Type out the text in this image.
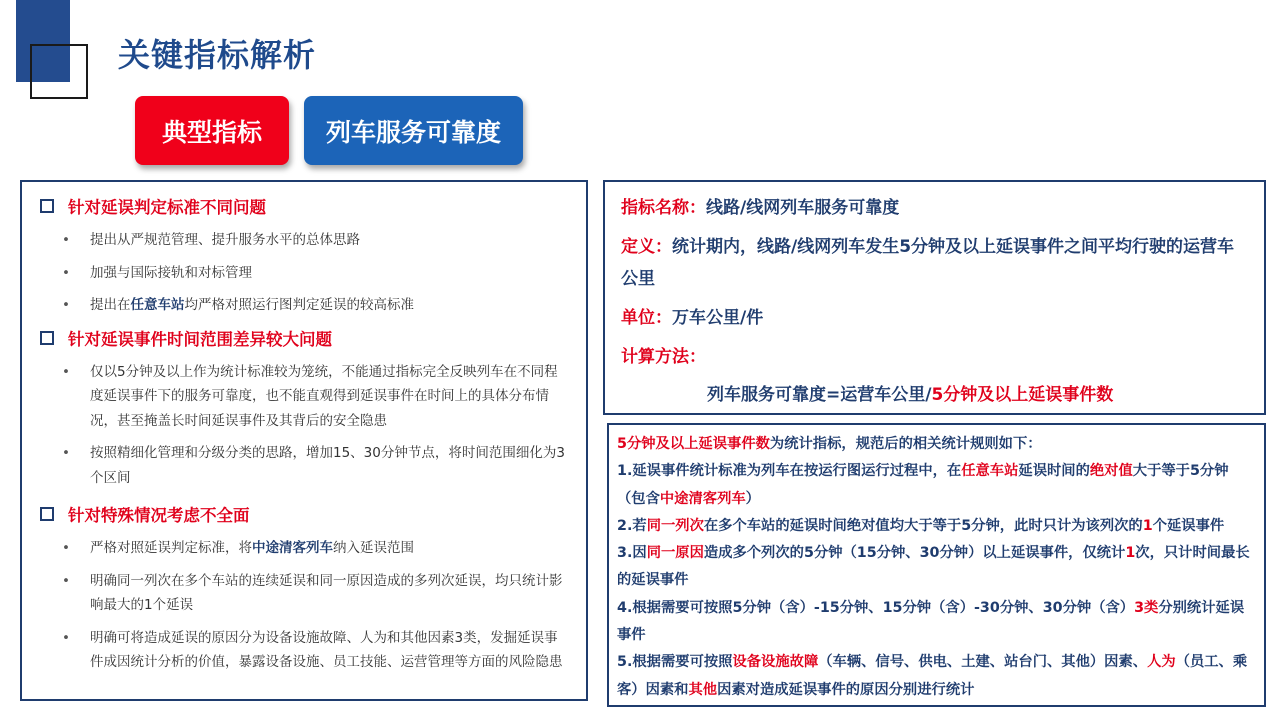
关键指标解析
典型指标	列车服务可靠度
针对延误判定标准不同问题
•	提出从严规范管理、提升服务水平的总体思路
•	加强与国际接轨和对标管理
•	提出在任意车站均严格对照运行图判定延误的较高标准
针对延误事件时间范围差异较大问题
•	仅以5分钟及以上作为统计标准较为笼统，不能通过指标完全反映列车在不同程度延误事件下的服务可靠度，也不能直观得到延误事件在时间上的具体分布情况，甚至掩盖长时间延误事件及其背后的安全隐患
•	按照精细化管理和分级分类的思路，增加15、30分钟节点，将时间范围细化为3个区间
针对特殊情况考虑不全面
•	严格对照延误判定标准，将中途清客列车纳入延误范围
•	明确同一列次在多个车站的连续延误和同一原因造成的多列次延误，均只统计影响最大的1个延误
•	明确可将造成延误的原因分为设备设施故障、人为和其他因素3类，发掘延误事件成因统计分析的价值，暴露设备设施、员工技能、运营管理等方面的风险隐患
指标名称：线路/线网列车服务可靠度
定义：统计期内，线路/线网列车发生5分钟及以上延误事件之间平均行驶的运营车公里
单位：万车公里/件
计算方法：
列车服务可靠度=运营车公里/5分钟及以上延误事件数
5分钟及以上延误事件数为统计指标，规范后的相关统计规则如下：
1.延误事件统计标准为列车在按运行图运行过程中，在任意车站延误时间的绝对值大于等于5分钟（包含中途清客列车）
2.若同一列次在多个车站的延误时间绝对值均大于等于5分钟，此时只计为该列次的1个延误事件
3.因同一原因造成多个列次的5分钟（15分钟、30分钟）以上延误事件，仅统计1次，只计时间最长的延误事件
4.根据需要可按照5分钟（含）-15分钟、15分钟（含）-30分钟、30分钟（含）3类分别统计延误事件
5.根据需要可按照设备设施故障（车辆、信号、供电、土建、站台门、其他）因素、人为（员工、乘客）因素和其他因素对造成延误事件的原因分别进行统计
